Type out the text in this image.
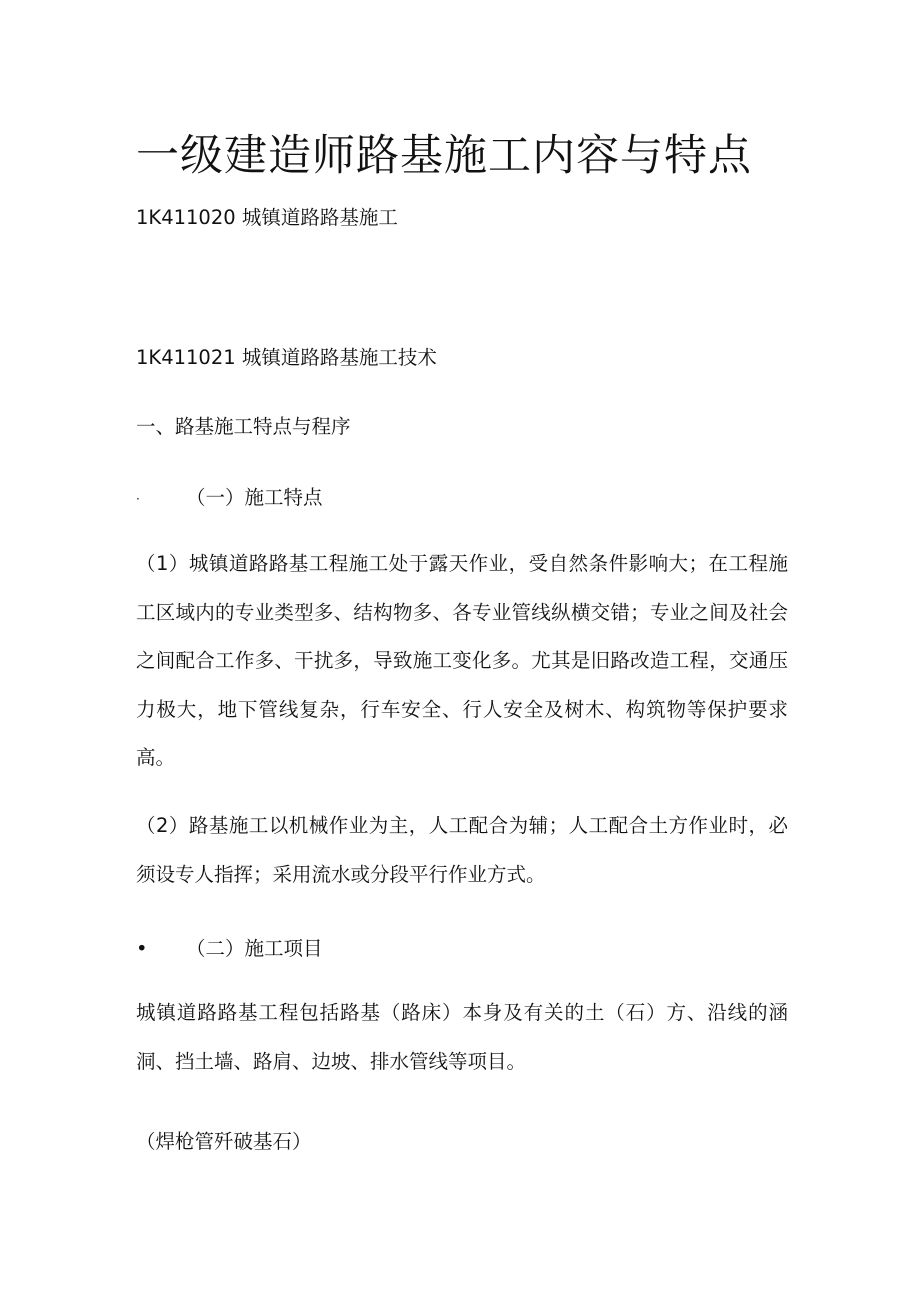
一级建造师路基施工内容与特点

1K411020 城镇道路路基施工

1K411021 城镇道路路基施工技术

一、路基施工特点与程序

· （一）施工特点

（1）城镇道路路基工程施工处于露天作业，受自然条件影响大；在工程施工区域内的专业类型多、结构物多、各专业管线纵横交错；专业之间及社会之间配合工作多、干扰多，导致施工变化多。尤其是旧路改造工程，交通压力极大，地下管线复杂，行车安全、行人安全及树木、构筑物等保护要求高。

（2）路基施工以机械作业为主，人工配合为辅；人工配合土方作业时，必须设专人指挥；采用流水或分段平行作业方式。

• （二）施工项目

城镇道路路基工程包括路基（路床）本身及有关的土（石）方、沿线的涵洞、挡土墙、路肩、边坡、排水管线等项目。

（焊枪管歼破基石）
